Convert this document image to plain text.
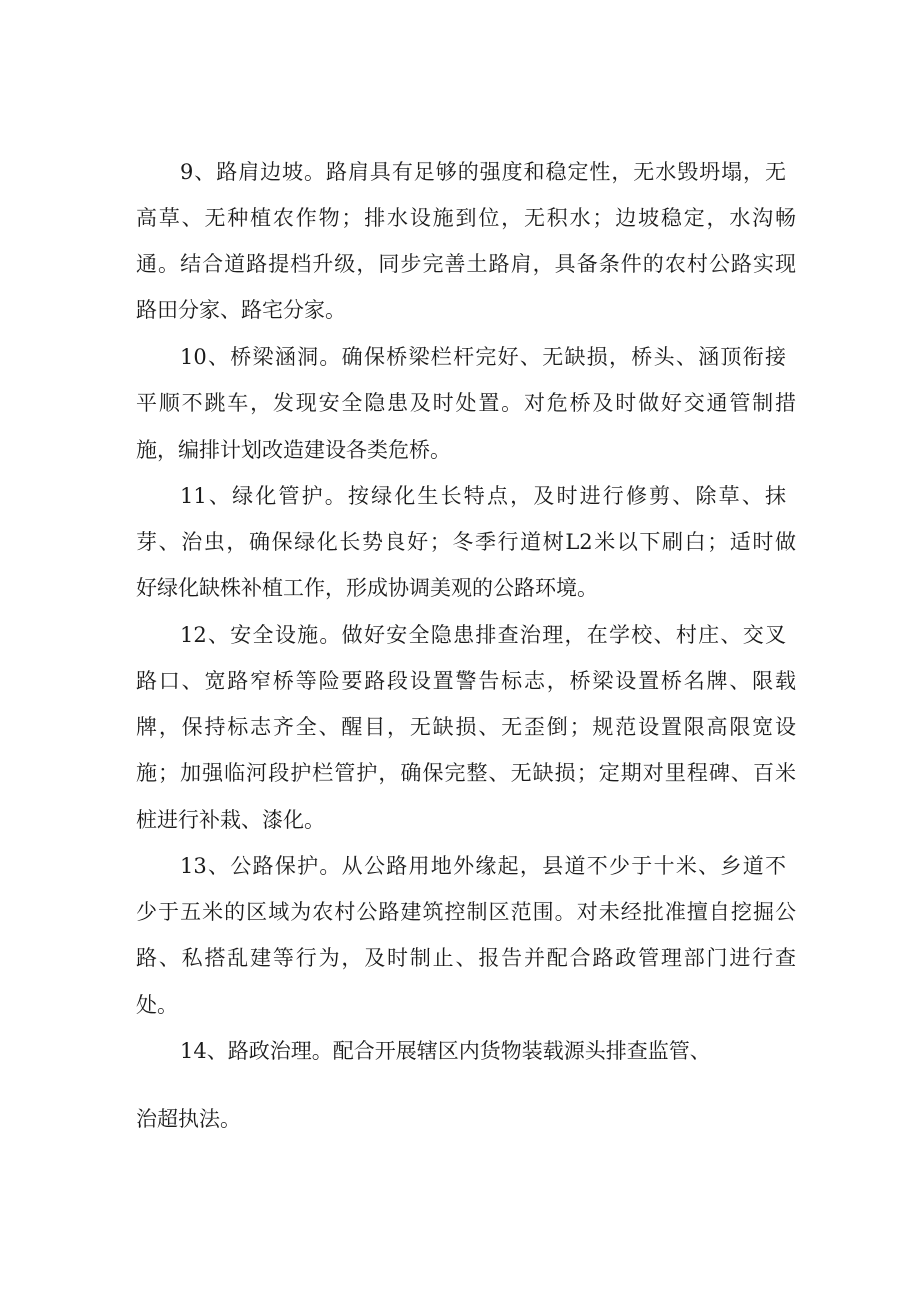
9、路肩边坡。路肩具有足够的强度和稳定性，无水毁坍塌，无
高草、无种植农作物；排水设施到位，无积水；边坡稳定，水沟畅
通。结合道路提档升级，同步完善土路肩，具备条件的农村公路实现
路田分家、路宅分家。
10、桥梁涵洞。确保桥梁栏杆完好、无缺损，桥头、涵顶衔接
平顺不跳车，发现安全隐患及时处置。对危桥及时做好交通管制措
施，编排计划改造建设各类危桥。
11、绿化管护。按绿化生长特点，及时进行修剪、除草、抹
芽、治虫，确保绿化长势良好；冬季行道树L2米以下刷白；适时做
好绿化缺株补植工作，形成协调美观的公路环境。
12、安全设施。做好安全隐患排查治理，在学校、村庄、交叉
路口、宽路窄桥等险要路段设置警告标志，桥梁设置桥名牌、限载
牌，保持标志齐全、醒目，无缺损、无歪倒；规范设置限高限宽设
施；加强临河段护栏管护，确保完整、无缺损；定期对里程碑、百米
桩进行补栽、漆化。
13、公路保护。从公路用地外缘起，县道不少于十米、乡道不
少于五米的区域为农村公路建筑控制区范围。对未经批准擅自挖掘公
路、私搭乱建等行为，及时制止、报告并配合路政管理部门进行查
处。
14、路政治理。配合开展辖区内货物装载源头排查监管、
治超执法。
